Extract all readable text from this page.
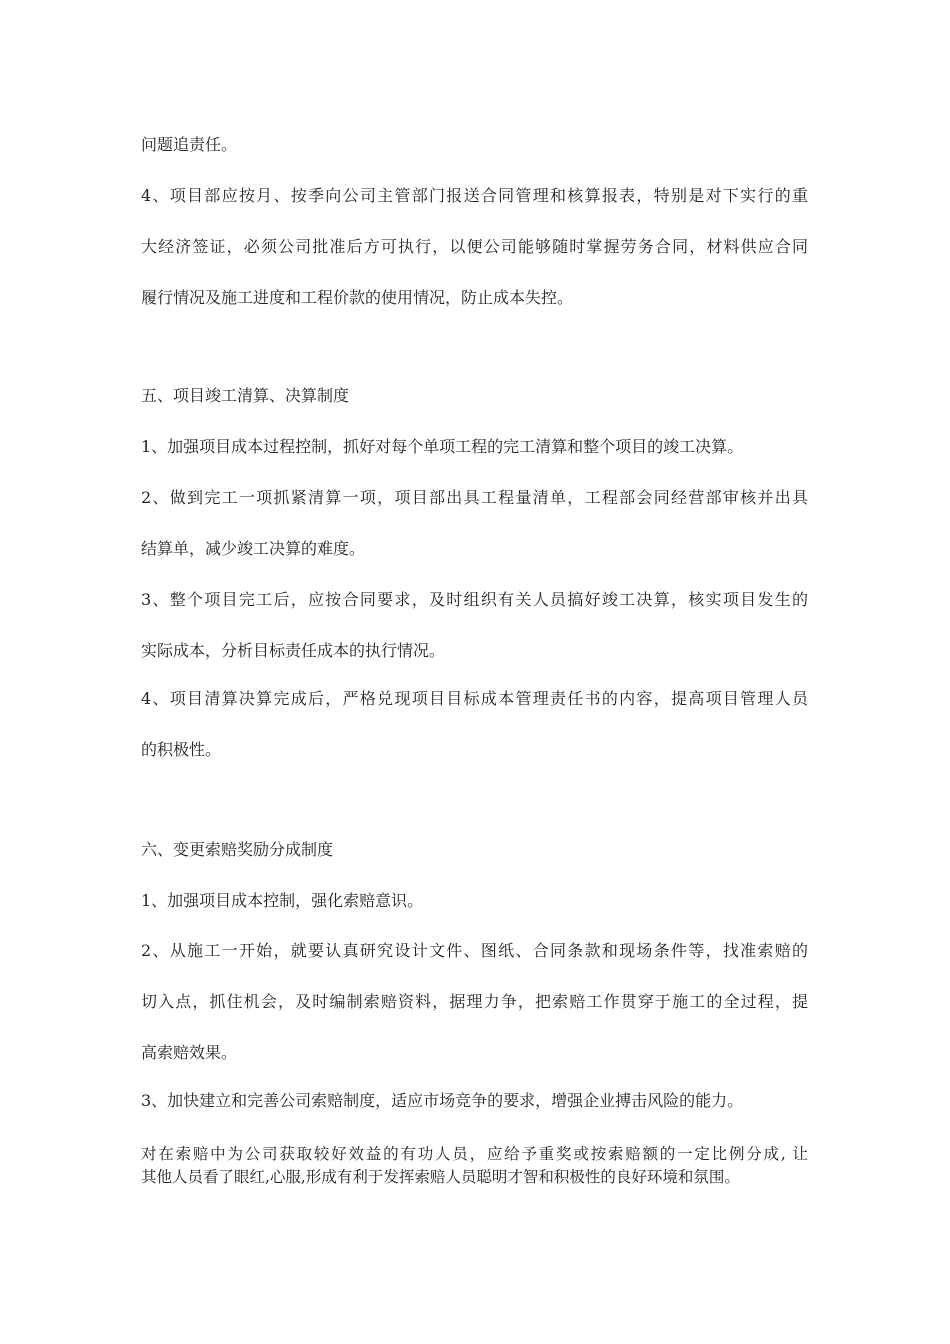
问题追责任。

4、项目部应按月、按季向公司主管部门报送合同管理和核算报表，特别是对下实行的重

大经济签证，必须公司批准后方可执行，以便公司能够随时掌握劳务合同，材料供应合同

履行情况及施工进度和工程价款的使用情况，防止成本失控。

五、项目竣工清算、决算制度

1、加强项目成本过程控制，抓好对每个单项工程的完工清算和整个项目的竣工决算。

2、做到完工一项抓紧清算一项，项目部出具工程量清单，工程部会同经营部审核并出具

结算单，减少竣工决算的难度。

3、整个项目完工后，应按合同要求，及时组织有关人员搞好竣工决算，核实项目发生的

实际成本，分析目标责任成本的执行情况。

4、项目清算决算完成后，严格兑现项目目标成本管理责任书的内容，提高项目管理人员

的积极性。

六、变更索赔奖励分成制度

1、加强项目成本控制，强化索赔意识。

2、从施工一开始，就要认真研究设计文件、图纸、合同条款和现场条件等，找准索赔的

切入点，抓住机会，及时编制索赔资料，据理力争，把索赔工作贯穿于施工的全过程，提

高索赔效果。

3、加快建立和完善公司索赔制度，适应市场竞争的要求，增强企业搏击风险的能力。

对在索赔中为公司获取较好效益的有功人员，应给予重奖或按索赔额的一定比例分成, 让

其他人员看了眼红,心服,形成有利于发挥索赔人员聪明才智和积极性的良好环境和氛围。
